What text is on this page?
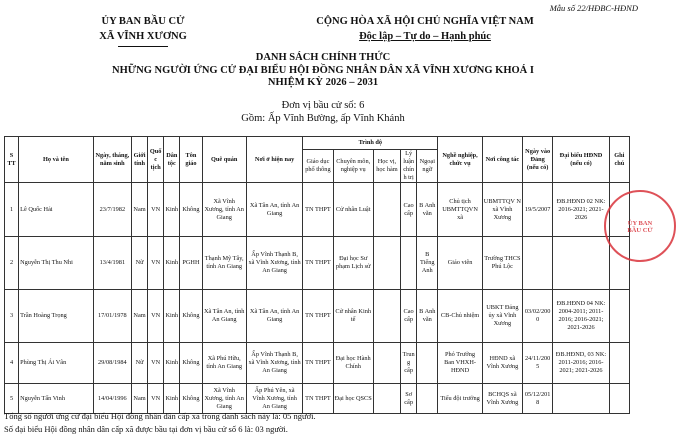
Mẫu số 22/HĐBC-HĐND
ỦY BAN BẦU CỬ
XÃ VĨNH XƯƠNG
CỘNG HÒA XÃ HỘI CHỦ NGHĨA VIỆT NAM
Độc lập – Tự do – Hạnh phúc
DANH SÁCH CHÍNH THỨC
NHỮNG NGƯỜI ỨNG CỬ ĐẠI BIỂU HỘI ĐỒNG NHÂN DÂN XÃ VĨNH XƯƠNG KHOÁ I
NHIỆM KỲ 2026 – 2031
Đơn vị bầu cử số: 6
Gồm: Ấp Vĩnh Bường, ấp Vĩnh Khánh
S TT	Họ và tên	Ngày, tháng, năm sinh	Giới tính	Quốc tịch	Dân tộc	Tôn giáo	Quê quán	Nơi ở hiện nay	Trình độ					Nghề nghiệp, chức vụ	Nơi công tác	Ngày vào Đảng (nếu có)	Đại biểu HĐND (nếu có)	Ghi chú
									Giáo dục phổ thông	Chuyên môn, nghiệp vụ	Học vị, học hàm	Lý luận chính trị	Ngoại ngữ					
1	Lê Quốc Hải	23/7/1982	Nam	VN	Kinh	Không	Xã Vĩnh Xương, tỉnh An Giang	Xã Tân An, tỉnh An Giang	TN THPT	Cử nhân Luật		Cao cấp	B Anh văn	Chủ tịch UBMTTQVN xã	UBMTTQV N xã Vĩnh Xương	19/5/2007	ĐB.HĐND 02 NK: 2016-2021; 2021-2026	
2	Nguyễn Thị Thu Nhi	13/4/1981	Nữ	VN	Kinh	PGHH	Thạnh Mỹ Tây, tỉnh An Giang	Ấp Vĩnh Thạnh B, xã Vĩnh Xương, tỉnh An Giang	TN THPT	Đại học Sư phạm Lịch sử			B Tiếng Anh	Giáo viên	Trường THCS Phú Lộc			
3	Trần Hoàng Trọng	17/01/1978	Nam	VN	Kinh	Không	Xã Tân An, tỉnh An Giang	Xã Tân An, tỉnh An Giang	TN THPT	Cử nhân Kinh tế		Cao cấp	B Anh văn	CB-Chủ nhiệm	UBKT Đảng ủy xã Vĩnh Xương	03/02/2000	ĐB.HĐND 04 NK: 2004-2011; 2011-2016; 2016-2021; 2021-2026	
4	Phùng Thị Ái Vân	29/08/1984	Nữ	VN	Kinh	Không	Xã Phú Hữu, tỉnh An Giang	Ấp Vĩnh Thạnh B, xã Vĩnh Xương, tỉnh An Giang	TN THPT	Đại học Hành Chính		Trung cấp		Phó Trưởng Ban VHXH-HĐND	HĐND xã Vĩnh Xương	24/11/2005	ĐB.HĐND, 03 NK: 2011-2016; 2016-2021; 2021-2026	
5	Nguyễn Tấn Vinh	14/04/1996	Nam	VN	Kinh	Không	Xã Vĩnh Xương, tỉnh An Giang	Ấp Phú Yên, xã Vĩnh Xương, tỉnh An Giang	TN THPT	Đại học QSCS		Sơ cấp		Tiểu đội trưởng	BCHQS xã Vĩnh Xương	05/12/2018		
ỦY BAN
BẦU CỬ
Tổng số người ứng cử đại biểu Hội đồng nhân dân cấp xã trong danh sách này là: 05 người.
Số đại biểu Hội đồng nhân dân cấp xã được bầu tại đơn vị bầu cử số 6 là: 03 người.
